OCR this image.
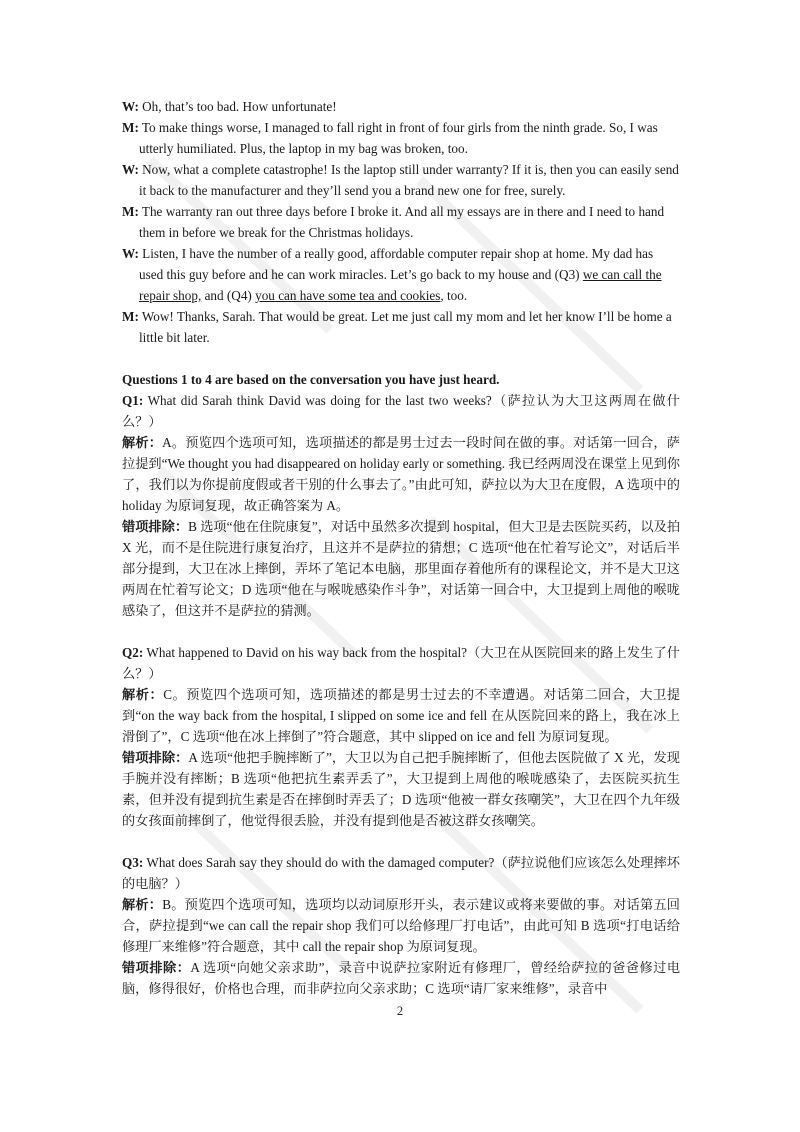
W: Oh, that’s too bad. How unfortunate!

M: To make things worse, I managed to fall right in front of four girls from the ninth grade. So, I was utterly humiliated. Plus, the laptop in my bag was broken, too.

W: Now, what a complete catastrophe! Is the laptop still under warranty? If it is, then you can easily send it back to the manufacturer and they’ll send you a brand new one for free, surely.

M: The warranty ran out three days before I broke it. And all my essays are in there and I need to hand them in before we break for the Christmas holidays.

W: Listen, I have the number of a really good, affordable computer repair shop at home. My dad has used this guy before and he can work miracles. Let’s go back to my house and (Q3) we can call the repair shop, and (Q4) you can have some tea and cookies, too.

M: Wow! Thanks, Sarah. That would be great. Let me just call my mom and let her know I’ll be home a little bit later.

Questions 1 to 4 are based on the conversation you have just heard.

Q1: What did Sarah think David was doing for the last two weeks?（萨拉认为大卫这两周在做什么？）

解析：A。预览四个选项可知，选项描述的都是男士过去一段时间在做的事。对话第一回合，萨拉提到“We thought you had disappeared on holiday early or something. 我已经两周没在课堂上见到你了，我们以为你提前度假或者干别的什么事去了。”由此可知，萨拉以为大卫在度假，A 选项中的 holiday 为原词复现，故正确答案为 A。

错项排除：B 选项“他在住院康复”，对话中虽然多次提到 hospital，但大卫是去医院买药，以及拍 X 光，而不是住院进行康复治疗，且这并不是萨拉的猜想；C 选项“他在忙着写论文”，对话后半部分提到，大卫在冰上摔倒，弄坏了笔记本电脑，那里面存着他所有的课程论文，并不是大卫这两周在忙着写论文；D 选项“他在与喉咙感染作斗争”，对话第一回合中，大卫提到上周他的喉咙感染了，但这并不是萨拉的猜测。

Q2: What happened to David on his way back from the hospital?（大卫在从医院回来的路上发生了什么？）

解析：C。预览四个选项可知，选项描述的都是男士过去的不幸遭遇。对话第二回合，大卫提到“on the way back from the hospital, I slipped on some ice and fell 在从医院回来的路上，我在冰上滑倒了”，C 选项“他在冰上摔倒了”符合题意，其中 slipped on ice and fell 为原词复现。

错项排除：A 选项“他把手腕摔断了”，大卫以为自己把手腕摔断了，但他去医院做了 X 光，发现手腕并没有摔断；B 选项“他把抗生素弄丢了”，大卫提到上周他的喉咙感染了，去医院买抗生素，但并没有提到抗生素是否在摔倒时弄丢了；D 选项“他被一群女孩嘲笑”，大卫在四个九年级的女孩面前摔倒了，他觉得很丢脸，并没有提到他是否被这群女孩嘲笑。

Q3: What does Sarah say they should do with the damaged computer?（萨拉说他们应该怎么处理摔坏的电脑？）

解析：B。预览四个选项可知，选项均以动词原形开头，表示建议或将来要做的事。对话第五回合，萨拉提到“we can call the repair shop 我们可以给修理厂打电话”，由此可知 B 选项“打电话给修理厂来维修”符合题意，其中 call the repair shop 为原词复现。

错项排除：A 选项“向她父亲求助”，录音中说萨拉家附近有修理厂，曾经给萨拉的爸爸修过电脑，修得很好，价格也合理，而非萨拉向父亲求助；C 选项“请厂家来维修”，录音中

2
